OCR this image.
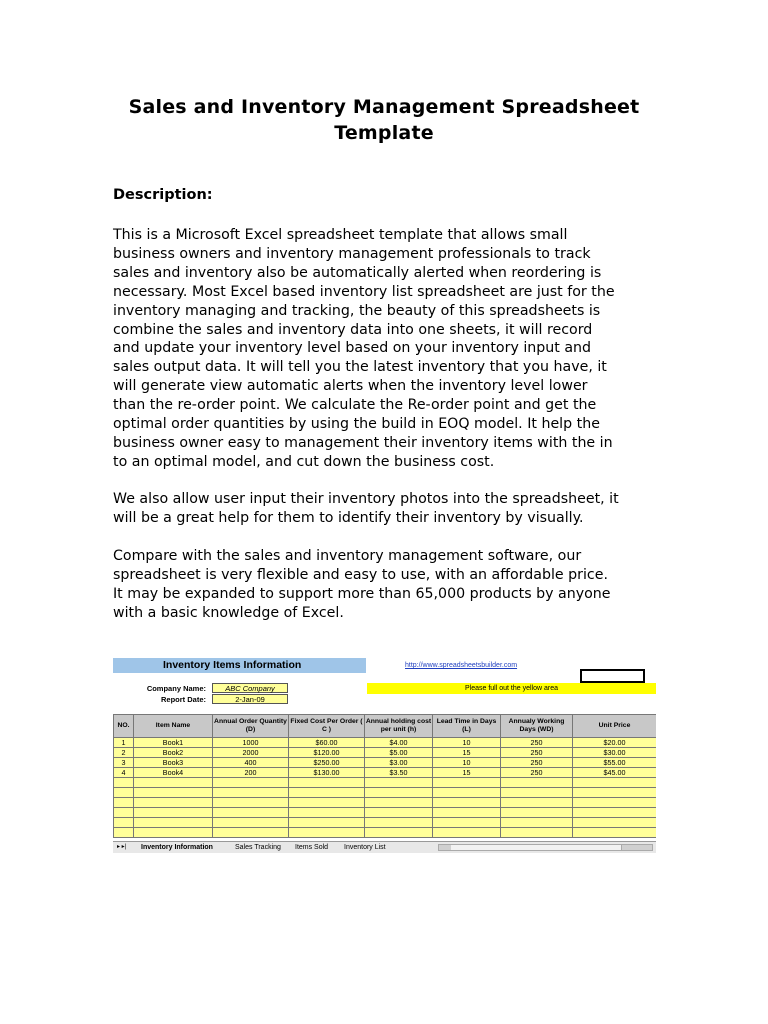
Sales and Inventory Management Spreadsheet
Template
Description:
This is a Microsoft Excel spreadsheet template that allows small
business owners and inventory management professionals to track
sales and inventory also be automatically alerted when reordering is
necessary. Most Excel based inventory list spreadsheet are just for the
inventory managing and tracking, the beauty of this spreadsheets is
combine the sales and inventory data into one sheets, it will record
and update your inventory level based on your inventory input and
sales output data. It will tell you the latest inventory that you have, it
will generate view automatic alerts when the inventory level lower
than the re-order point. We calculate the Re-order point and get the
optimal order quantities by using the build in EOQ model. It help the
business owner easy to management their inventory items with the in
to an optimal model, and cut down the business cost.
We also allow user input their inventory photos into the spreadsheet, it
will be a great help for them to identify their inventory by visually.
Compare with the sales and inventory management software, our
spreadsheet is very flexible and easy to use, with an affordable price.
It may be expanded to support more than 65,000 products by anyone
with a basic knowledge of Excel.
Inventory Items Information	http://www.spreadsheetsbuilder.com
Please full out the yellow area
Company Name:	ABC Company
Report Date:	2-Jan-09
NO.	Item Name	Annual Order Quantity (D)	Fixed Cost Per Order ( C )	Annual holding cost per unit (h)	Lead Time in Days (L)	Annualy Working Days (WD)	Unit Price
1	Book1	1000	$60.00	$4.00	10	250	$20.00
2	Book2	2000	$120.00	$5.00	15	250	$30.00
3	Book3	400	$250.00	$3.00	10	250	$55.00
4	Book4	200	$130.00	$3.50	15	250	$45.00

▸ ▸| Inventory Information	Sales Tracking Items Sold Inventory List
